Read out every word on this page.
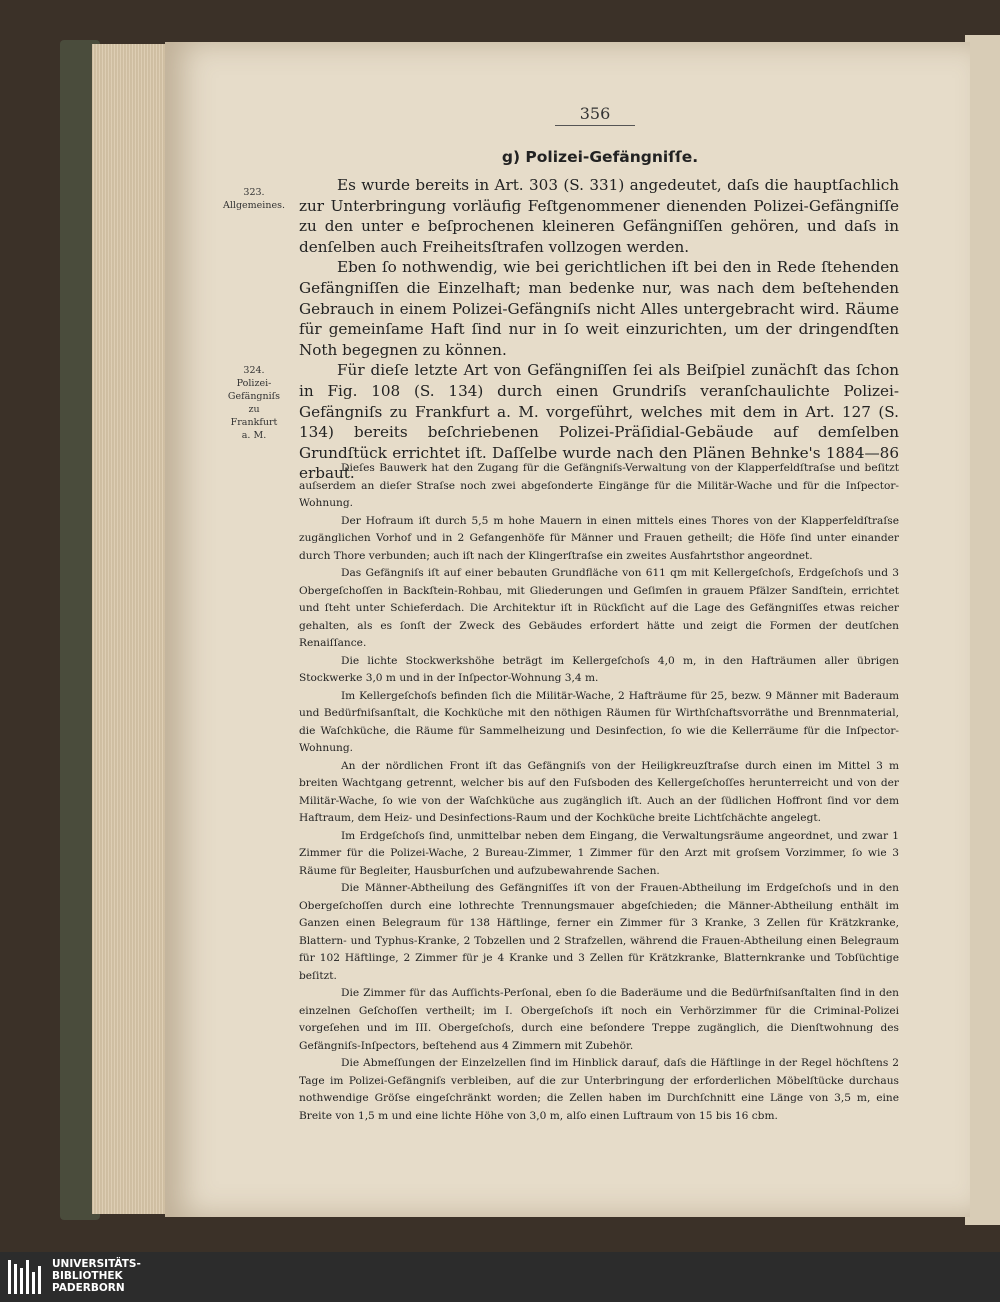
356
g) Polizei-Gefängniſſe.
323.
Allgemeines.
324.
Polizei-
Gefängniſs
zu
Frankfurt
a. M.

Es wurde bereits in Art. 303 (S. 331) angedeutet, daſs die hauptſachlich zur Unterbringung vorläufig Feſtgenommener dienenden Polizei-Gefängniſſe zu den unter e beſprochenen kleineren Gefängniſſen gehören, und daſs in denſelben auch Freiheitsſtrafen vollzogen werden.

Eben ſo nothwendig, wie bei gerichtlichen iſt bei den in Rede ſtehenden Gefängniſſen die Einzelhaft; man bedenke nur, was nach dem beſtehenden Gebrauch in einem Polizei-Gefängniſs nicht Alles untergebracht wird. Räume für gemeinſame Haft ſind nur in ſo weit einzurichten, um der dringendſten Noth begegnen zu können.

Für dieſe letzte Art von Gefängniſſen ſei als Beiſpiel zunächſt das ſchon in Fig. 108 (S. 134) durch einen Grundriſs veranſchaulichte Polizei-Gefängniſs zu Frankfurt a. M. vorgeführt, welches mit dem in Art. 127 (S. 134) bereits beſchriebenen Polizei-Präſidial-Gebäude auf demſelben Grundſtück errichtet iſt. Daſſelbe wurde nach den Plänen Behnke's 1884—86 erbaut.

Dieſes Bauwerk hat den Zugang für die Gefängniſs-Verwaltung von der Klapperfeldſtraſse und beſitzt auſserdem an dieſer Straſse noch zwei abgeſonderte Eingänge für die Militär-Wache und für die Inſpector-Wohnung.

Der Hofraum iſt durch 5,5 m hohe Mauern in einen mittels eines Thores von der Klapperfeldſtraſse zugänglichen Vorhof und in 2 Gefangenhöfe für Männer und Frauen getheilt; die Höfe ſind unter einander durch Thore verbunden; auch iſt nach der Klingerſtraſse ein zweites Ausfahrtsthor angeordnet.

Das Gefängniſs iſt auf einer bebauten Grundfläche von 611 qm mit Kellergeſchoſs, Erdgeſchoſs und 3 Obergeſchoſſen in Backſtein-Rohbau, mit Gliederungen und Geſimſen in grauem Pfälzer Sandſtein, errichtet und ſteht unter Schieferdach. Die Architektur iſt in Rückſicht auf die Lage des Gefängniſſes etwas reicher gehalten, als es ſonſt der Zweck des Gebäudes erfordert hätte und zeigt die Formen der deutſchen Renaiſſance.

Die lichte Stockwerkshöhe beträgt im Kellergeſchoſs 4,0 m, in den Hafträumen aller übrigen Stockwerke 3,0 m und in der Inſpector-Wohnung 3,4 m.

Im Kellergeſchoſs befinden ſich die Militär-Wache, 2 Hafträume für 25, bezw. 9 Männer mit Baderaum und Bedürfniſsanſtalt, die Kochküche mit den nöthigen Räumen für Wirthſchaftsvorräthe und Brennmaterial, die Waſchküche, die Räume für Sammelheizung und Desinfection, ſo wie die Kellerräume für die Inſpector-Wohnung.

An der nördlichen Front iſt das Gefängniſs von der Heiligkreuzſtraſse durch einen im Mittel 3 m breiten Wachtgang getrennt, welcher bis auf den Fuſsboden des Kellergeſchoſſes herunterreicht und von der Militär-Wache, ſo wie von der Waſchküche aus zugänglich iſt. Auch an der ſüdlichen Hoffront ſind vor dem Haftraum, dem Heiz- und Desinfections-Raum und der Kochküche breite Lichtſchächte angelegt.

Im Erdgeſchoſs ſind, unmittelbar neben dem Eingang, die Verwaltungsräume angeordnet, und zwar 1 Zimmer für die Polizei-Wache, 2 Bureau-Zimmer, 1 Zimmer für den Arzt mit groſsem Vorzimmer, ſo wie 3 Räume für Begleiter, Hausburſchen und aufzubewahrende Sachen.

Die Männer-Abtheilung des Gefängniſſes iſt von der Frauen-Abtheilung im Erdgeſchoſs und in den Obergeſchoſſen durch eine lothrechte Trennungsmauer abgeſchieden; die Männer-Abtheilung enthält im Ganzen einen Belegraum für 138 Häftlinge, ferner ein Zimmer für 3 Kranke, 3 Zellen für Krätzkranke, Blattern- und Typhus-Kranke, 2 Tobzellen und 2 Strafzellen, während die Frauen-Abtheilung einen Belegraum für 102 Häftlinge, 2 Zimmer für je 4 Kranke und 3 Zellen für Krätzkranke, Blatternkranke und Tobſüchtige beſitzt.

Die Zimmer für das Aufſichts-Perſonal, eben ſo die Baderäume und die Bedürfniſsanſtalten ſind in den einzelnen Geſchoſſen vertheilt; im I. Obergeſchoſs iſt noch ein Verhörzimmer für die Criminal-Polizei vorgeſehen und im III. Obergeſchoſs, durch eine beſondere Treppe zugänglich, die Dienſtwohnung des Gefängniſs-Inſpectors, beſtehend aus 4 Zimmern mit Zubehör.

Die Abmeſſungen der Einzelzellen ſind im Hinblick darauf, daſs die Häftlinge in der Regel höchſtens 2 Tage im Polizei-Gefängniſs verbleiben, auf die zur Unterbringung der erforderlichen Möbelſtücke durchaus nothwendige Gröſse eingeſchränkt worden; die Zellen haben im Durchſchnitt eine Länge von 3,5 m, eine Breite von 1,5 m und eine lichte Höhe von 3,0 m, alſo einen Luftraum von 15 bis 16 cbm.

UNIVERSITÄTS-
BIBLIOTHEK
PADERBORN
